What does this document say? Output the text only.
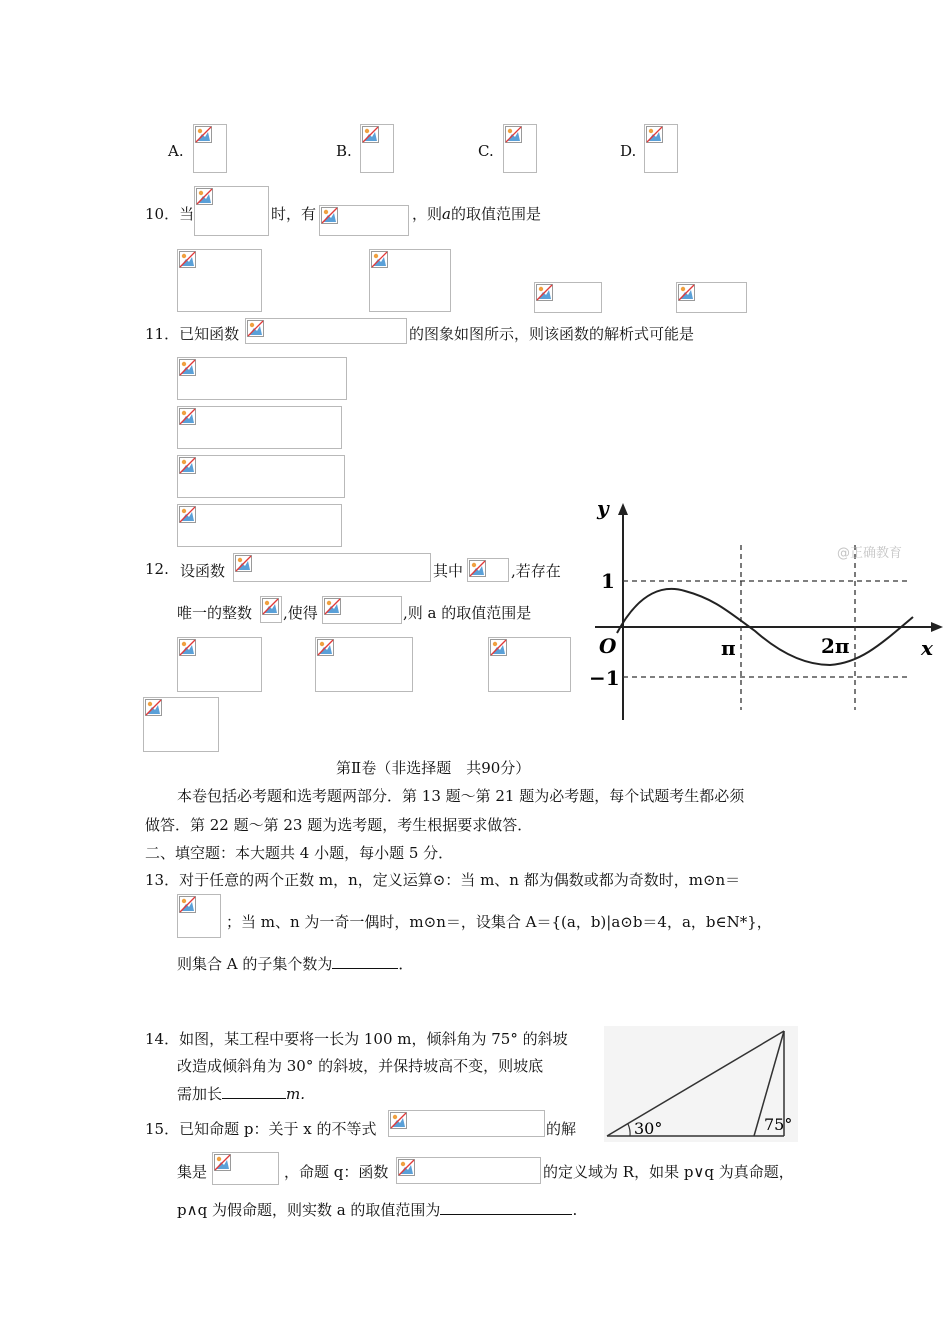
A.	B.	C.	D.
10．当	时，有	，则a的取值范围是
11．已知函数	的图象如图所示，则该函数的解析式可能是
12. 设函数	其中	,若存在
唯一的整数 ,使得	,则 a 的取值范围是
y
x
1
−1
O	π	2π
@正确教育
第Ⅱ卷（非选择题　共90分）
本卷包括必考题和选考题两部分．第 13 题～第 21 题为必考题，每个试题考生都必须
做答．第 22 题～第 23 题为选考题，考生根据要求做答．
二、填空题：本大题共 4 小题，每小题 5 分．
13．对于任意的两个正数 m，n，定义运算⊙：当 m、n 都为偶数或都为奇数时，m⊙n＝
；当 m、n 为一奇一偶时，m⊙n＝，设集合 A＝{(a，b)|a⊙b＝4，a，b∈N*}，
则集合 A 的子集个数为	．
14．如图，某工程中要将一长为 100 m，倾斜角为 75° 的斜坡
改造成倾斜角为 30° 的斜坡，并保持坡高不变，则坡底
需加长	m.
30°	75°
15．已知命题 p：关于 x 的不等式	的解
集是	，命题 q：函数	的定义域为 R，如果 p∨q 为真命题，
p∧q 为假命题，则实数 a 的取值范围为	.
